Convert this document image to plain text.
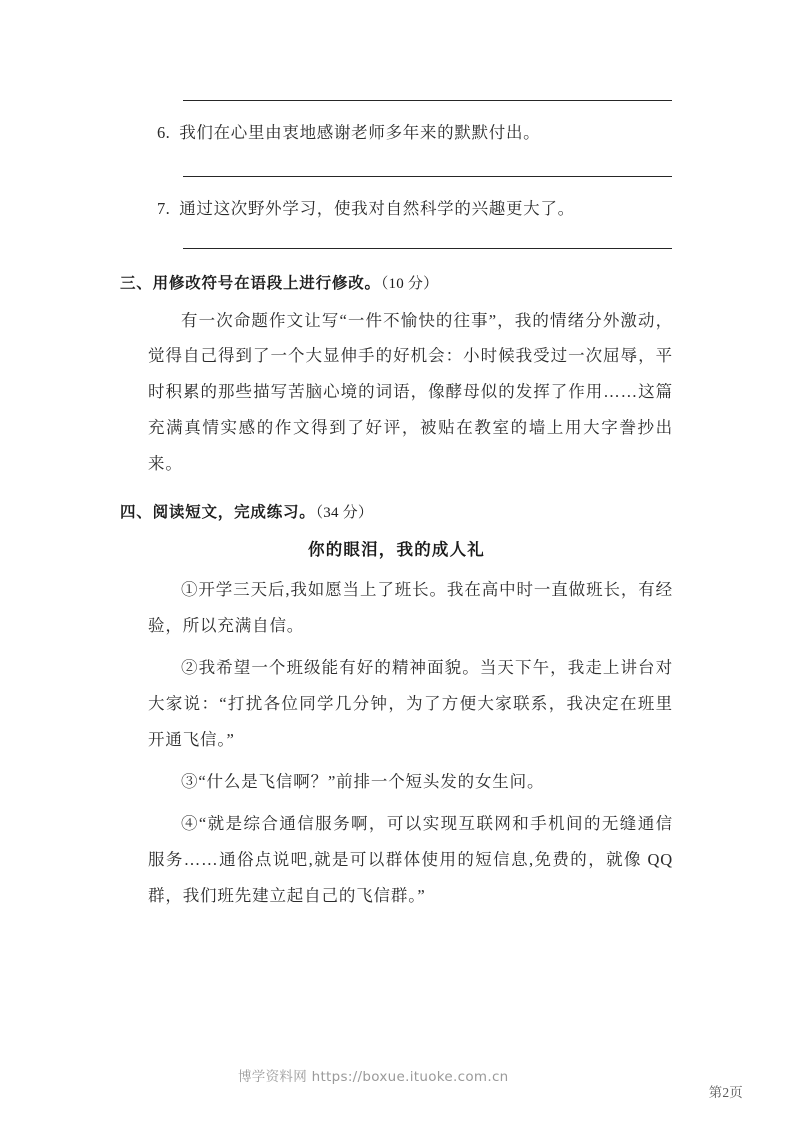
6. 我们在心里由衷地感谢老师多年来的默默付出。
7. 通过这次野外学习，使我对自然科学的兴趣更大了。
三、用修改符号在语段上进行修改。（10 分）
有一次命题作文让写“一件不愉快的往事”，我的情绪分外激动，觉得自己得到了一个大显伸手的好机会：小时候我受过一次屈辱，平时积累的那些描写苦脑心境的词语，像酵母似的发挥了作用……这篇充满真情实感的作文得到了好评，被贴在教室的墙上用大字誊抄出来。
四、阅读短文，完成练习。（34 分）
你的眼泪，我的成人礼
①开学三天后,我如愿当上了班长。我在高中时一直做班长，有经验，所以充满自信。
②我希望一个班级能有好的精神面貌。当天下午，我走上讲台对大家说：“打扰各位同学几分钟，为了方便大家联系，我决定在班里开通飞信。”
③“什么是飞信啊？”前排一个短头发的女生问。
④“就是综合通信服务啊，可以实现互联网和手机间的无缝通信服务……通俗点说吧,就是可以群体使用的短信息,免费的，就像 QQ 群，我们班先建立起自己的飞信群。”
博学资料网 https://boxue.ituoke.com.cn
第2页
